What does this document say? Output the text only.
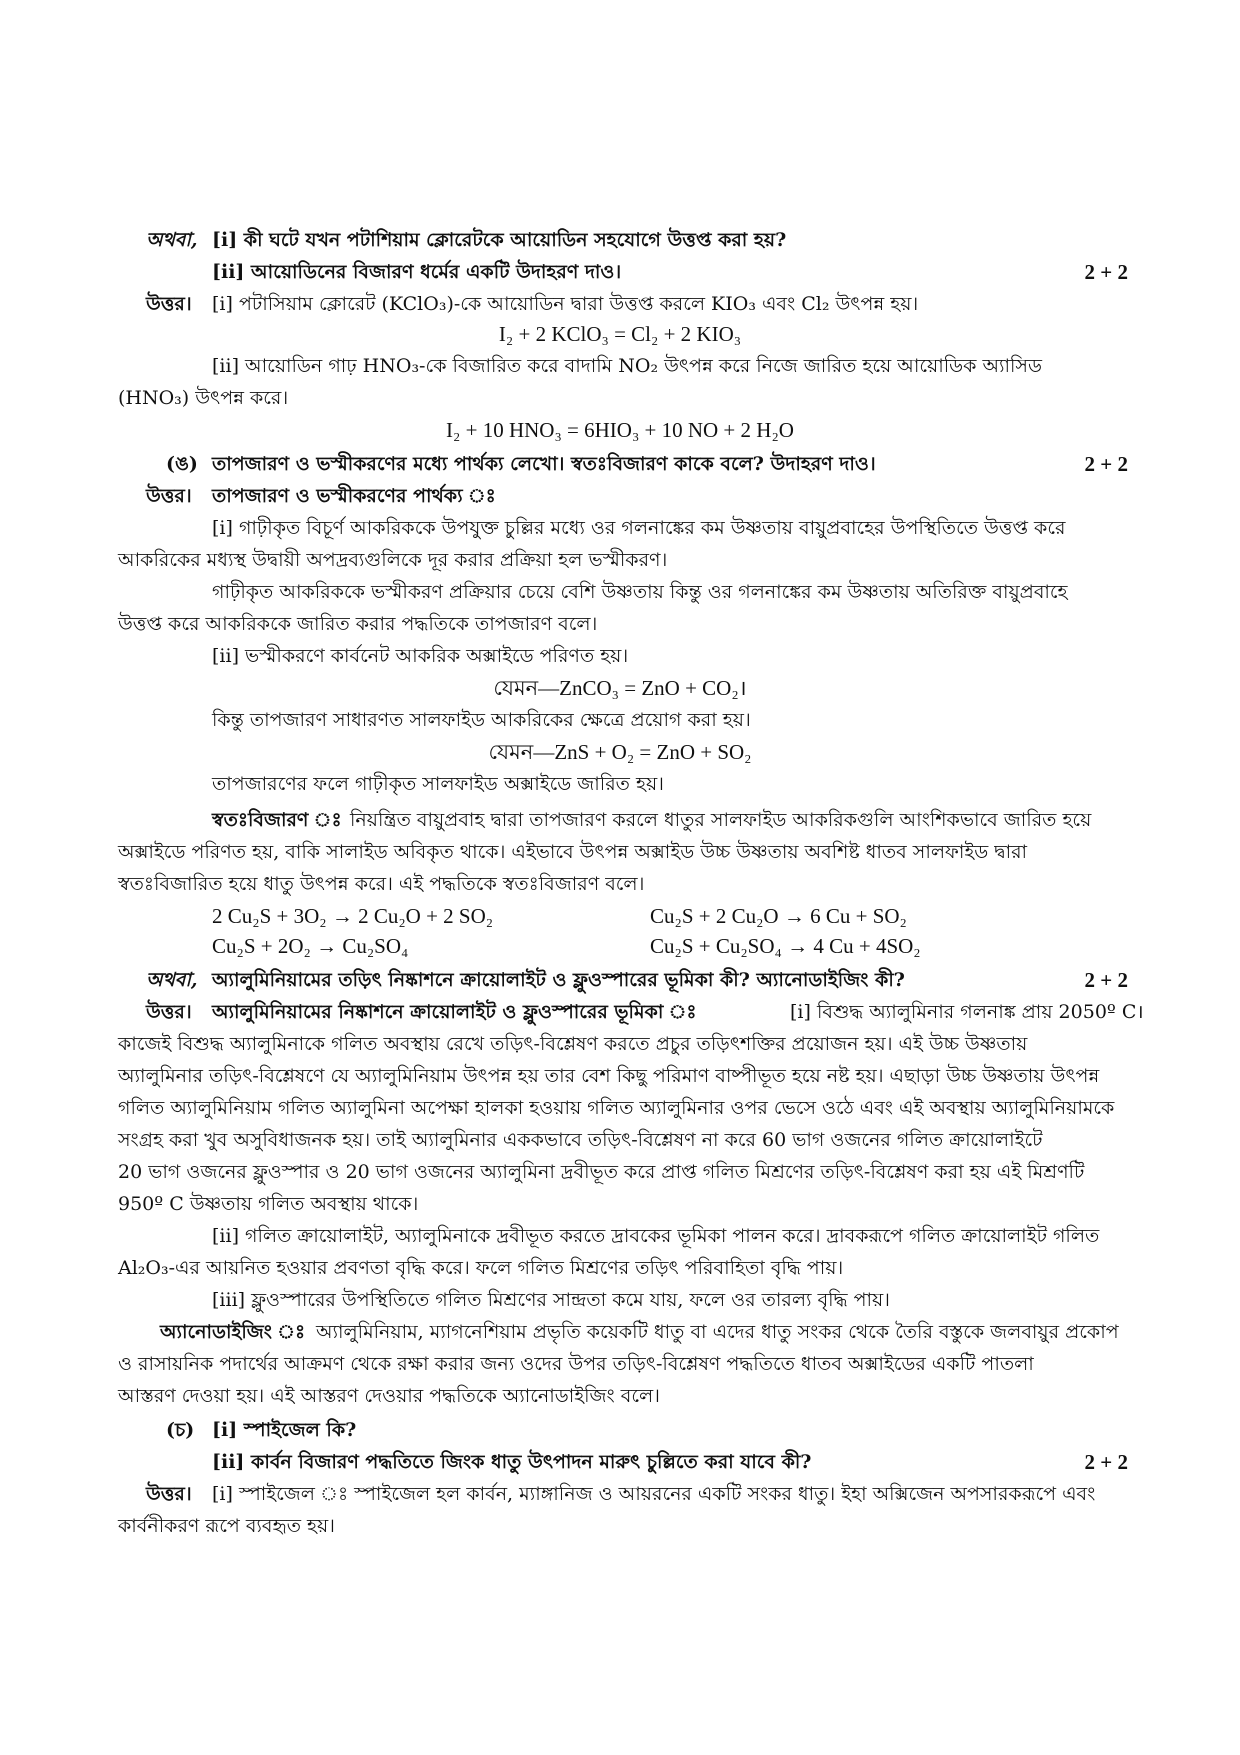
অথবা, [i] কী ঘটে যখন পটাশিয়াম ক্লোরেটকে আয়োডিন সহযোগে উত্তপ্ত করা হয়?
[ii] আয়োডিনের বিজারণ ধর্মের একটি উদাহরণ দাও।	2 + 2
উত্তর। [i] পটাসিয়াম ক্লোরেট (KClO₃)-কে আয়োডিন দ্বারা উত্তপ্ত করলে KIO₃ এবং Cl₂ উৎপন্ন হয়।
I₂ + 2 KClO₃ = Cl₂ + 2 KIO₃
[ii] আয়োডিন গাঢ় HNO₃-কে বিজারিত করে বাদামি NO₂ উৎপন্ন করে নিজে জারিত হয়ে আয়োডিক অ্যাসিড
(HNO₃) উৎপন্ন করে।
I₂ + 10 HNO₃ = 6HIO₃ + 10 NO + 2 H₂O
(ঙ) তাপজারণ ও ভস্মীকরণের মধ্যে পার্থক্য লেখো। স্বতঃবিজারণ কাকে বলে? উদাহরণ দাও।	2 + 2
উত্তর। তাপজারণ ও ভস্মীকরণের পার্থক্য ঃ
[i] গাঢ়ীকৃত বিচূর্ণ আকরিককে উপযুক্ত চুল্লির মধ্যে ওর গলনাঙ্কের কম উষ্ণতায় বায়ুপ্রবাহের উপস্থিতিতে উত্তপ্ত করে
আকরিকের মধ্যস্থ উদ্বায়ী অপদ্রব্যগুলিকে দূর করার প্রক্রিয়া হল ভস্মীকরণ।
গাঢ়ীকৃত আকরিককে ভস্মীকরণ প্রক্রিয়ার চেয়ে বেশি উষ্ণতায় কিন্তু ওর গলনাঙ্কের কম উষ্ণতায় অতিরিক্ত বায়ুপ্রবাহে
উত্তপ্ত করে আকরিককে জারিত করার পদ্ধতিকে তাপজারণ বলে।
[ii] ভস্মীকরণে কার্বনেট আকরিক অক্সাইডে পরিণত হয়।
যেমন—ZnCO₃ = ZnO + CO₂।
কিন্তু তাপজারণ সাধারণত সালফাইড আকরিকের ক্ষেত্রে প্রয়োগ করা হয়।
যেমন—ZnS + O₂ = ZnO + SO₂
তাপজারণের ফলে গাঢ়ীকৃত সালফাইড অক্সাইডে জারিত হয়।
স্বতঃবিজারণ ঃ নিয়ন্ত্রিত বায়ুপ্রবাহ দ্বারা তাপজারণ করলে ধাতুর সালফাইড আকরিকগুলি আংশিকভাবে জারিত হয়ে
অক্সাইডে পরিণত হয়, বাকি সালাইড অবিকৃত থাকে। এইভাবে উৎপন্ন অক্সাইড উচ্চ উষ্ণতায় অবশিষ্ট ধাতব সালফাইড দ্বারা
স্বতঃবিজারিত হয়ে ধাতু উৎপন্ন করে। এই পদ্ধতিকে স্বতঃবিজারণ বলে।
2 Cu₂S + 3O₂ → 2 Cu₂O + 2 SO₂	Cu₂S + 2 Cu₂O → 6 Cu + SO₂
Cu₂S + 2O₂ → Cu₂SO₄	Cu₂S + Cu₂SO₄ → 4 Cu + 4SO₂
অথবা, অ্যালুমিনিয়ামের তড়িৎ নিষ্কাশনে ক্রায়োলাইট ও ফ্লুওস্পারের ভূমিকা কী? অ্যানোডাইজিং কী?	2 + 2
উত্তর। অ্যালুমিনিয়ামের নিষ্কাশনে ক্রায়োলাইট ও ফ্লুওস্পারের ভূমিকা ঃ	[i] বিশুদ্ধ অ্যালুমিনার গলনাঙ্ক প্রায় 2050º C।
কাজেই বিশুদ্ধ অ্যালুমিনাকে গলিত অবস্থায় রেখে তড়িৎ-বিশ্লেষণ করতে প্রচুর তড়িৎশক্তির প্রয়োজন হয়। এই উচ্চ উষ্ণতায়
অ্যালুমিনার তড়িৎ-বিশ্লেষণে যে অ্যালুমিনিয়াম উৎপন্ন হয় তার বেশ কিছু পরিমাণ বাষ্পীভূত হয়ে নষ্ট হয়। এছাড়া উচ্চ উষ্ণতায় উৎপন্ন
গলিত অ্যালুমিনিয়াম গলিত অ্যালুমিনা অপেক্ষা হালকা হওয়ায় গলিত অ্যালুমিনার ওপর ভেসে ওঠে এবং এই অবস্থায় অ্যালুমিনিয়ামকে
সংগ্রহ করা খুব অসুবিধাজনক হয়। তাই অ্যালুমিনার এককভাবে তড়িৎ-বিশ্লেষণ না করে 60 ভাগ ওজনের গলিত ক্রায়োলাইটে
20 ভাগ ওজনের ফ্লুওস্পার ও 20 ভাগ ওজনের অ্যালুমিনা দ্রবীভূত করে প্রাপ্ত গলিত মিশ্রণের তড়িৎ-বিশ্লেষণ করা হয় এই মিশ্রণটি
950º C উষ্ণতায় গলিত অবস্থায় থাকে।
[ii] গলিত ক্রায়োলাইট, অ্যালুমিনাকে দ্রবীভূত করতে দ্রাবকের ভূমিকা পালন করে। দ্রাবকরূপে গলিত ক্রায়োলাইট গলিত
Al₂O₃-এর আয়নিত হওয়ার প্রবণতা বৃদ্ধি করে। ফলে গলিত মিশ্রণের তড়িৎ পরিবাহিতা বৃদ্ধি পায়।
[iii] ফ্লুওস্পারের উপস্থিতিতে গলিত মিশ্রণের সান্দ্রতা কমে যায়, ফলে ওর তারল্য বৃদ্ধি পায়।
অ্যানোডাইজিং ঃ অ্যালুমিনিয়াম, ম্যাগনেশিয়াম প্রভৃতি কয়েকটি ধাতু বা এদের ধাতু সংকর থেকে তৈরি বস্তুকে জলবায়ুর প্রকোপ
ও রাসায়নিক পদার্থের আক্রমণ থেকে রক্ষা করার জন্য ওদের উপর তড়িৎ-বিশ্লেষণ পদ্ধতিতে ধাতব অক্সাইডের একটি পাতলা
আস্তরণ দেওয়া হয়। এই আস্তরণ দেওয়ার পদ্ধতিকে অ্যানোডাইজিং বলে।
(চ) [i] স্পাইজেল কি?
[ii] কার্বন বিজারণ পদ্ধতিতে জিংক ধাতু উৎপাদন মারুৎ চুল্লিতে করা যাবে কী?	2 + 2
উত্তর। [i] স্পাইজেল ঃ স্পাইজেল হল কার্বন, ম্যাঙ্গানিজ ও আয়রনের একটি সংকর ধাতু। ইহা অক্সিজেন অপসারকরূপে এবং
কার্বনীকরণ রূপে ব্যবহৃত হয়।
